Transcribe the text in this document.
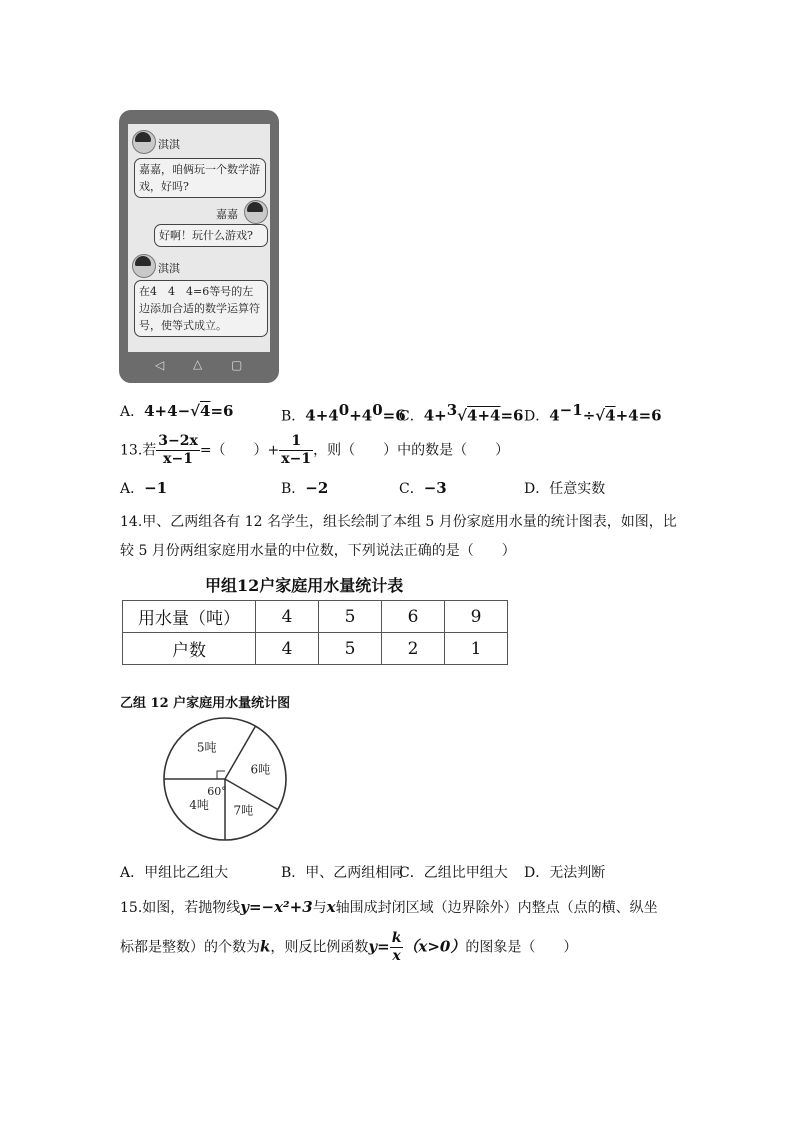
淇淇
嘉嘉，咱俩玩一个数学游戏，好吗?
嘉嘉
好啊！玩什么游戏?
淇淇
在4　4　4=6等号的左边添加合适的数学运算符号，使等式成立。
◁ △ ▢
A．4+4−√4=6	B．$4+4^0+4^0=6$
C．4+$^3$√4+4=6 D．$4^{-1}\div√4+4=6$
13.若 $\frac{3-2x}{x-1}$ =（　　）+ $\frac{1}{x-1}$ ，则（　　）中的数是（　　）
A．−1	B．−2	C．−3	D．任意实数
14.甲、乙两组各有 12 名学生，组长绘制了本组 5 月份家庭用水量的统计图表，如图，比
较 5 月份两组家庭用水量的中位数，下列说法正确的是（　　）
甲组12户家庭用水量统计表
用水量（吨）	4	5	6	9
户数	4	5	2	1
乙组 12 户家庭用水量统计图
4吨
5吨
6吨
7吨
60°
A．甲组比乙组大	B．甲、乙两组相同
C．乙组比甲组大 D．无法判断
15.如图，若抛物线y=−x²+3与x轴围成封闭区域（边界除外）内整点（点的横、纵坐
标都是整数）的个数为k，则反比例函数$y= \frac{k}{x} (x>0)$的图象是（　　）
